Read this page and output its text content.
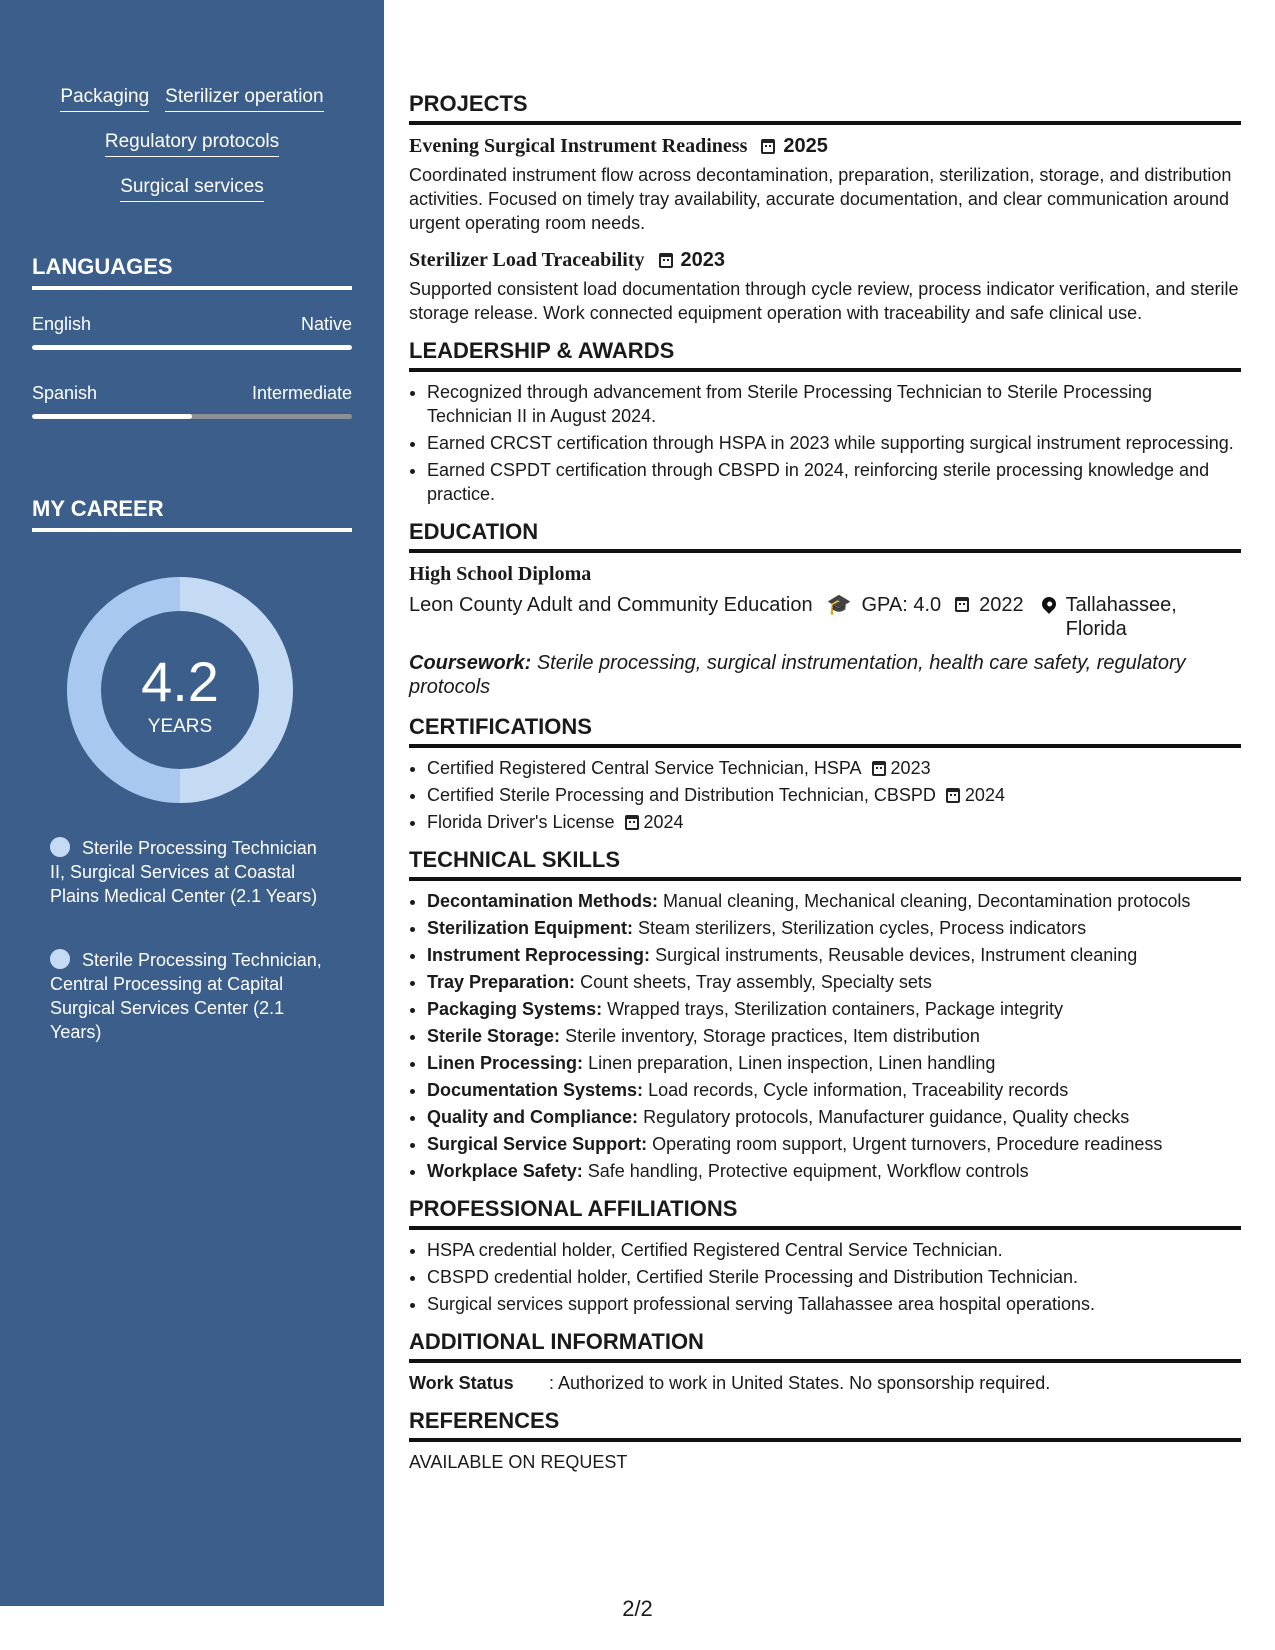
Packaging Sterilizer operation
Regulatory protocols
Surgical services
LANGUAGES
English	Native
Spanish	Intermediate
MY CAREER
4.2
YEARS
Sterile Processing Technician II, Surgical Services at Coastal Plains Medical Center (2.1 Years)
Sterile Processing Technician, Central Processing at Capital Surgical Services Center (2.1 Years)
PROJECTS
Evening Surgical Instrument Readiness 2025
Coordinated instrument flow across decontamination, preparation, sterilization, storage, and distribution activities. Focused on timely tray availability, accurate documentation, and clear communication around urgent operating room needs.
Sterilizer Load Traceability 2023
Supported consistent load documentation through cycle review, process indicator verification, and sterile storage release. Work connected equipment operation with traceability and safe clinical use.
LEADERSHIP & AWARDS
• Recognized through advancement from Sterile Processing Technician to Sterile Processing Technician II in August 2024.
• Earned CRCST certification through HSPA in 2023 while supporting surgical instrument reprocessing.
• Earned CSPDT certification through CBSPD in 2024, reinforcing sterile processing knowledge and practice.
EDUCATION
High School Diploma
Leon County Adult and Community Education 🎓 GPA: 4.0 2022 Tallahassee, Florida
Coursework: Sterile processing, surgical instrumentation, health care safety, regulatory protocols
CERTIFICATIONS
• Certified Registered Central Service Technician, HSPA 2023
• Certified Sterile Processing and Distribution Technician, CBSPD 2024
• Florida Driver's License 2024
TECHNICAL SKILLS
• Decontamination Methods: Manual cleaning, Mechanical cleaning, Decontamination protocols
• Sterilization Equipment: Steam sterilizers, Sterilization cycles, Process indicators
• Instrument Reprocessing: Surgical instruments, Reusable devices, Instrument cleaning
• Tray Preparation: Count sheets, Tray assembly, Specialty sets
• Packaging Systems: Wrapped trays, Sterilization containers, Package integrity
• Sterile Storage: Sterile inventory, Storage practices, Item distribution
• Linen Processing: Linen preparation, Linen inspection, Linen handling
• Documentation Systems: Load records, Cycle information, Traceability records
• Quality and Compliance: Regulatory protocols, Manufacturer guidance, Quality checks
• Surgical Service Support: Operating room support, Urgent turnovers, Procedure readiness
• Workplace Safety: Safe handling, Protective equipment, Workflow controls
PROFESSIONAL AFFILIATIONS
• HSPA credential holder, Certified Registered Central Service Technician.
• CBSPD credential holder, Certified Sterile Processing and Distribution Technician.
• Surgical services support professional serving Tallahassee area hospital operations.
ADDITIONAL INFORMATION
Work Status	: Authorized to work in United States. No sponsorship required.
REFERENCES
AVAILABLE ON REQUEST
2/2
